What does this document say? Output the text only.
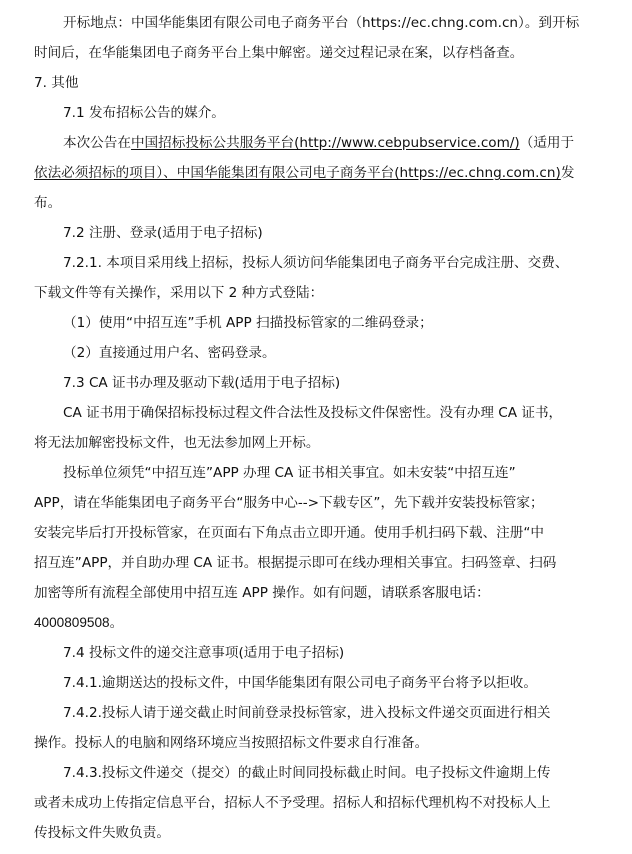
开标地点：中国华能集团有限公司电子商务平台（https://ec.chng.com.cn）。到开标
时间后，在华能集团电子商务平台上集中解密。递交过程记录在案，以存档备查。
7. 其他
7.1 发布招标公告的媒介。
本次公告在中国招标投标公共服务平台(http://www.cebpubservice.com/)（适用于
依法必须招标的项目）、中国华能集团有限公司电子商务平台(https://ec.chng.com.cn)发
布。
7.2 注册、登录(适用于电子招标)
7.2.1. 本项目采用线上招标，投标人须访问华能集团电子商务平台完成注册、交费、
下载文件等有关操作，采用以下 2 种方式登陆：
（1）使用“中招互连”手机 APP 扫描投标管家的二维码登录；
（2）直接通过用户名、密码登录。
7.3 CA 证书办理及驱动下载(适用于电子招标)
CA 证书用于确保招标投标过程文件合法性及投标文件保密性。没有办理 CA 证书，
将无法加解密投标文件，也无法参加网上开标。
投标单位须凭“中招互连”APP 办理 CA 证书相关事宜。如未安装“中招互连”
APP，请在华能集团电子商务平台“服务中心-->下载专区”，先下载并安装投标管家；
安装完毕后打开投标管家，在页面右下角点击立即开通。使用手机扫码下载、注册“中
招互连”APP，并自助办理 CA 证书。根据提示即可在线办理相关事宜。扫码签章、扫码
加密等所有流程全部使用中招互连 APP 操作。如有问题，请联系客服电话：
4000809508。
7.4 投标文件的递交注意事项(适用于电子招标)
7.4.1.逾期送达的投标文件，中国华能集团有限公司电子商务平台将予以拒收。
7.4.2.投标人请于递交截止时间前登录投标管家，进入投标文件递交页面进行相关
操作。投标人的电脑和网络环境应当按照招标文件要求自行准备。
7.4.3.投标文件递交（提交）的截止时间同投标截止时间。电子投标文件逾期上传
或者未成功上传指定信息平台，招标人不予受理。招标人和招标代理机构不对投标人上
传投标文件失败负责。
